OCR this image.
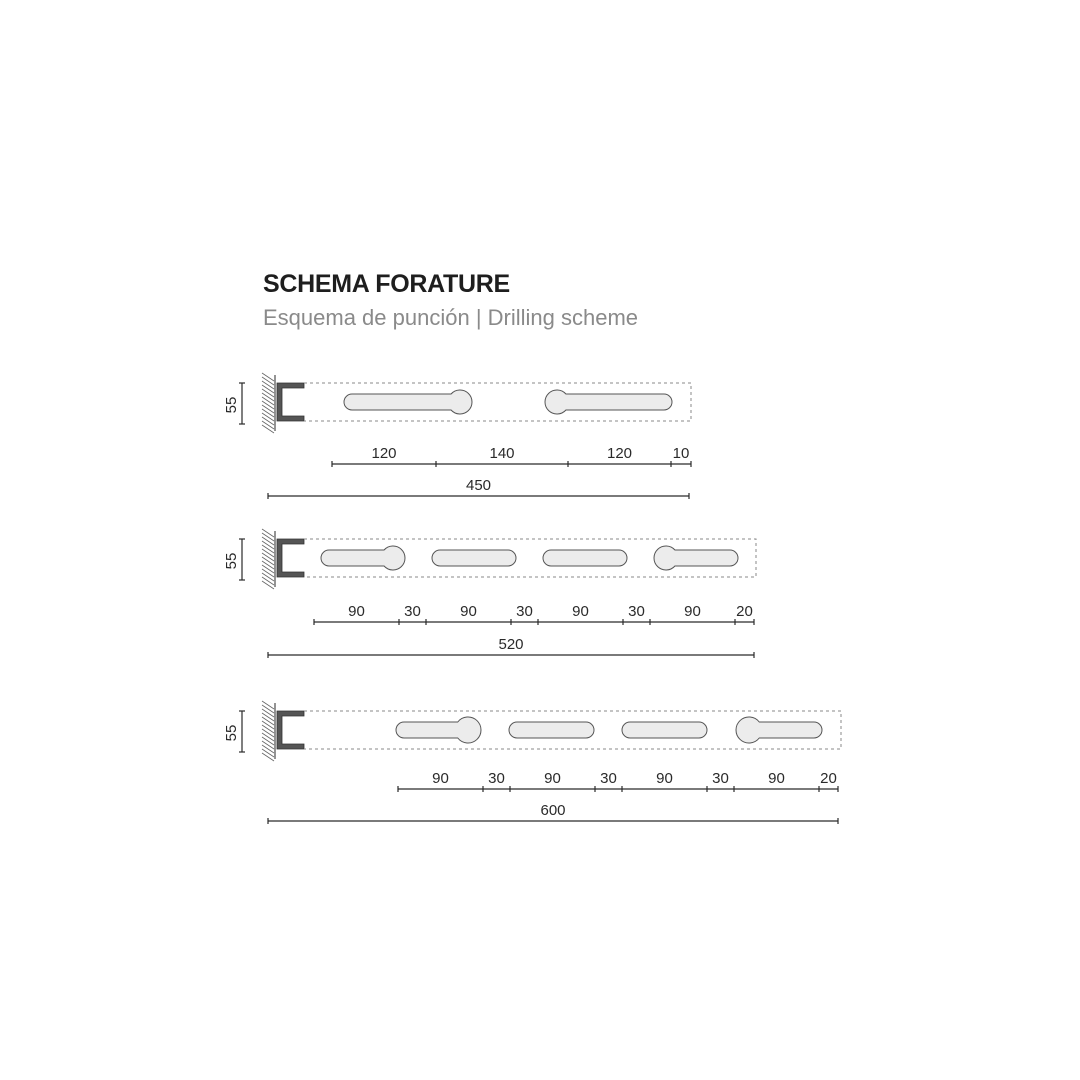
SCHEMA FORATURE

Esquema de punción | Drilling scheme

55
120	140	120	10
450
55
90	30	90	30	90	30	90 20
520
55
90	30	90	30	90	30	90 20
600
